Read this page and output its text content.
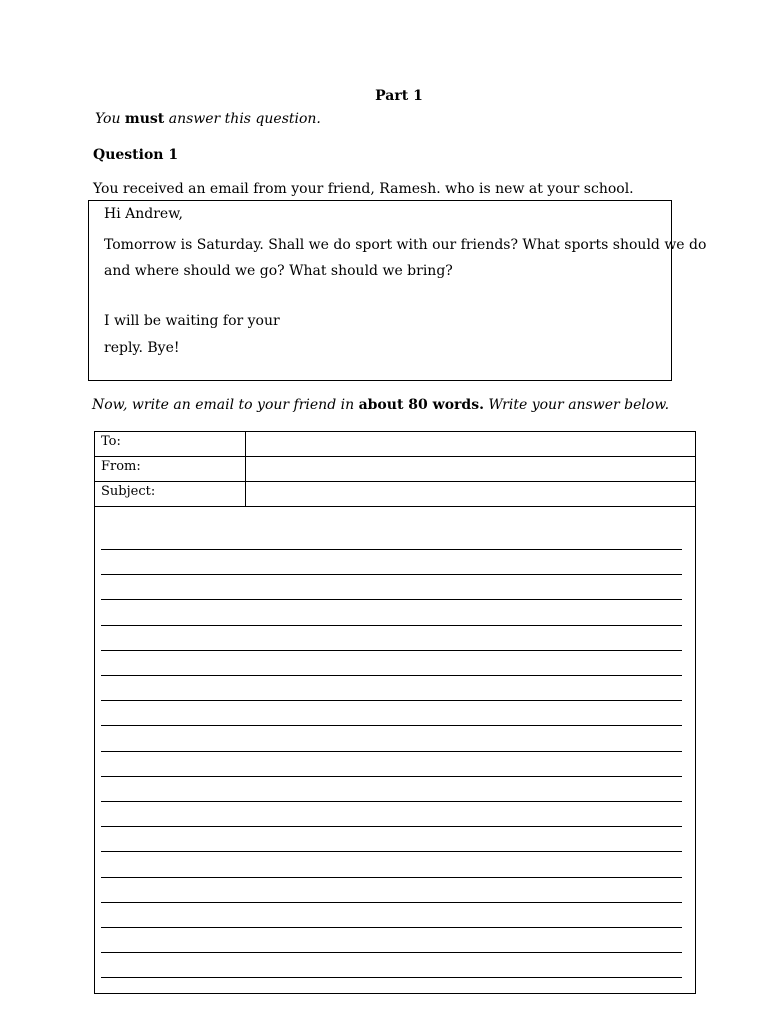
Part 1
You must answer this question.
Question 1
You received an email from your friend, Ramesh. who is new at your school.
Hi Andrew,
Tomorrow is Saturday. Shall we do sport with our friends? What sports should we do
and where should we go? What should we bring?
I will be waiting for your
reply. Bye!
Now, write an email to your friend in about 80 words. Write your answer below.
To:
From:
Subject:
